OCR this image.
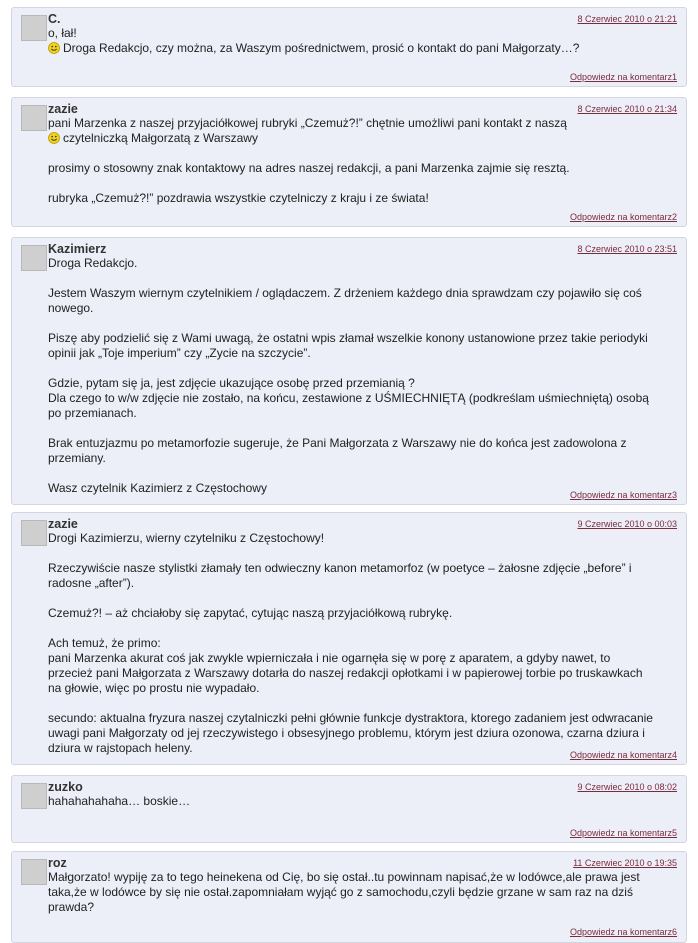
C.	8 Czerwiec 2010 o 21:21
o, łał!
Droga Redakcjo, czy można, za Waszym pośrednictwem, prosić o kontakt do pani Małgorzaty…?
Odpowiedz na komentarz1
zazie	8 Czerwiec 2010 o 21:34

pani Marzenka z naszej przyjaciółkowej rubryki „Czemuż?!” chętnie umożliwi pani kontakt z naszą
czytelniczką Małgorzatą z Warszawy

prosimy o stosowny znak kontaktowy na adres naszej redakcji, a pani Marzenka zajmie się resztą.

rubryka „Czemuż?!” pozdrawia wszystkie czytelniczy z kraju i ze świata!

Odpowiedz na komentarz2
Kazimierz	8 Czerwiec 2010 o 23:51

Droga Redakcjo.

Jestem Waszym wiernym czytelnikiem / oglądaczem. Z drżeniem każdego dnia sprawdzam czy pojawiło się coś nowego.

Piszę aby podzielić się z Wami uwagą, że ostatni wpis złamał wszelkie konony ustanowione przez takie periodyki opinii jak „Toje imperium” czy „Zycie na szczycie”.

Gdzie, pytam się ja, jest zdjęcie ukazujące osobę przed przemianią ?
Dla czego to w/w zdjęcie nie zostało, na końcu, zestawione z UŚMIECHNIĘTĄ (podkreślam uśmiechniętą) osobą po przemianach.

Brak entuzjazmu po metamorfozie sugeruje, że Pani Małgorzata z Warszawy nie do końca jest zadowolona z przemiany.

Wasz czytelnik Kazimierz z Częstochowy	Odpowiedz na komentarz3
zazie	9 Czerwiec 2010 o 00:03

Drogi Kazimierzu, wierny czytelniku z Częstochowy!

Rzeczywiście nasze stylistki złamały ten odwieczny kanon metamorfoz (w poetyce – żałosne zdjęcie „before” i radosne „after”).

Czemuż?! – aż chciałoby się zapytać, cytując naszą przyjaciółkową rubrykę.

Ach temuż, że primo:
pani Marzenka akurat coś jak zwykle wpierniczała i nie ogarnęła się w porę z aparatem, a gdyby nawet, to przecież pani Małgorzata z Warszawy dotarła do naszej redakcji opłotkami i w papierowej torbie po truskawkach na głowie, więc po prostu nie wypadało.

secundo: aktualna fryzura naszej czytalniczki pełni głównie funkcje dystraktora, ktorego zadaniem jest odwracanie uwagi pani Małgorzaty od jej rzeczywistego i obsesyjnego problemu, którym jest dziura ozonowa, czarna dziura i dziura w rajstopach heleny.	Odpowiedz na komentarz4
zuzko	9 Czerwiec 2010 o 08:02

hahahahahaha… boskie…

Odpowiedz na komentarz5
roz	11 Czerwiec 2010 o 19:35

Małgorzato! wypiję za to tego heinekena od Cię, bo się ostał..tu powinnam napisać,że w lodówce,ale prawa jest taka,że w lodówce by się nie ostał.zapomniałam wyjąć go z samochodu,czyli będzie grzane w sam raz na dziś prawda?

Odpowiedz na komentarz6
